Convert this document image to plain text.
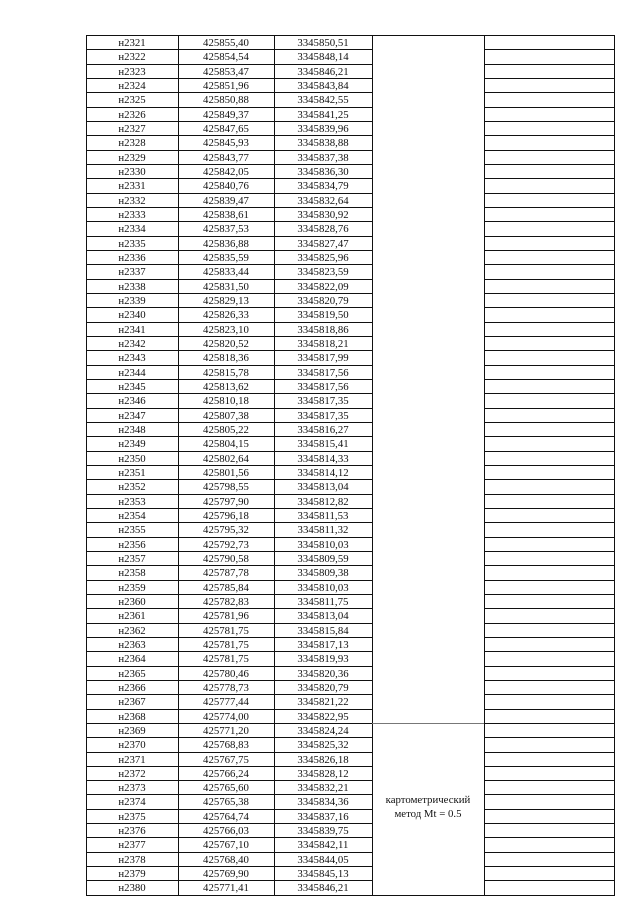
н2321	425855,40	3345850,51
н2322	425854,54	3345848,14
н2323	425853,47	3345846,21
н2324	425851,96	3345843,84
н2325	425850,88	3345842,55
н2326	425849,37	3345841,25
н2327	425847,65	3345839,96
н2328	425845,93	3345838,88
н2329	425843,77	3345837,38
н2330	425842,05	3345836,30
н2331	425840,76	3345834,79
н2332	425839,47	3345832,64
н2333	425838,61	3345830,92
н2334	425837,53	3345828,76
н2335	425836,88	3345827,47
н2336	425835,59	3345825,96
н2337	425833,44	3345823,59
н2338	425831,50	3345822,09
н2339	425829,13	3345820,79
н2340	425826,33	3345819,50
н2341	425823,10	3345818,86
н2342	425820,52	3345818,21
н2343	425818,36	3345817,99
н2344	425815,78	3345817,56
н2345	425813,62	3345817,56
н2346	425810,18	3345817,35
н2347	425807,38	3345817,35
н2348	425805,22	3345816,27
н2349	425804,15	3345815,41
н2350	425802,64	3345814,33
н2351	425801,56	3345814,12
н2352	425798,55	3345813,04
н2353	425797,90	3345812,82
н2354	425796,18	3345811,53
н2355	425795,32	3345811,32
н2356	425792,73	3345810,03
н2357	425790,58	3345809,59
н2358	425787,78	3345809,38
н2359	425785,84	3345810,03
н2360	425782,83	3345811,75
н2361	425781,96	3345813,04
н2362	425781,75	3345815,84
н2363	425781,75	3345817,13
н2364	425781,75	3345819,93
н2365	425780,46	3345820,36
н2366	425778,73	3345820,79
н2367	425777,44	3345821,22
н2368	425774,00	3345822,95
н2369	425771,20	3345824,24
н2370	425768,83	3345825,32
н2371	425767,75	3345826,18
н2372	425766,24	3345828,12
н2373	425765,60	3345832,21
н2374	425765,38	3345834,36
н2375	425764,74	3345837,16
н2376	425766,03	3345839,75
н2377	425767,10	3345842,11
н2378	425768,40	3345844,05
н2379	425769,90	3345845,13
н2380	425771,41	3345846,21
картометрический
метод Mt = 0.5
